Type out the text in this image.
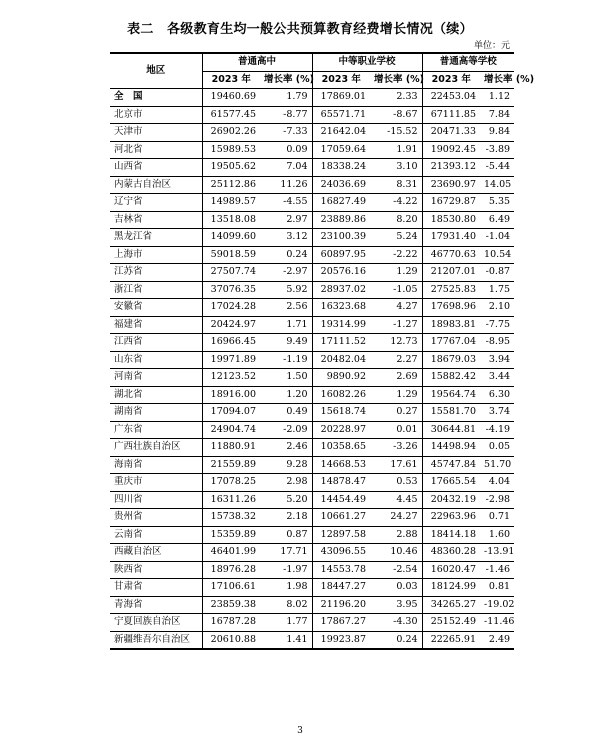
表二　各级教育生均一般公共预算教育经费增长情况（续）
单位：元
地区	普通高中		中等职业学校		普通高等学校	
	2023 年	增长率 (%)	2023 年	增长率 (%)	2023 年	增长率 (%)
全　国	19460.69	1.79	17869.01	2.33	22453.04	1.12
北京市	61577.45	-8.77	65571.71	-8.67	67111.85	7.84
天津市	26902.26	-7.33	21642.04	-15.52	20471.33	9.84
河北省	15989.53	0.09	17059.64	1.91	19092.45	-3.89
山西省	19505.62	7.04	18338.24	3.10	21393.12	-5.44
内蒙古自治区	25112.86	11.26	24036.69	8.31	23690.97	14.05
辽宁省	14989.57	-4.55	16827.49	-4.22	16729.87	5.35
吉林省	13518.08	2.97	23889.86	8.20	18530.80	6.49
黑龙江省	14099.60	3.12	23100.39	5.24	17931.40	-1.04
上海市	59018.59	0.24	60897.95	-2.22	46770.63	10.54
江苏省	27507.74	-2.97	20576.16	1.29	21207.01	-0.87
浙江省	37076.35	5.92	28937.02	-1.05	27525.83	1.75
安徽省	17024.28	2.56	16323.68	4.27	17698.96	2.10
福建省	20424.97	1.71	19314.99	-1.27	18983.81	-7.75
江西省	16966.45	9.49	17111.52	12.73	17767.04	-8.95
山东省	19971.89	-1.19	20482.04	2.27	18679.03	3.94
河南省	12123.52	1.50	9890.92	2.69	15882.42	3.44
湖北省	18916.00	1.20	16082.26	1.29	19564.74	6.30
湖南省	17094.07	0.49	15618.74	0.27	15581.70	3.74
广东省	24904.74	-2.09	20228.97	0.01	30644.81	-4.19
广西壮族自治区	11880.91	2.46	10358.65	-3.26	14498.94	0.05
海南省	21559.89	9.28	14668.53	17.61	45747.84	51.70
重庆市	17078.25	2.98	14878.47	0.53	17665.54	4.04
四川省	16311.26	5.20	14454.49	4.45	20432.19	-2.98
贵州省	15738.32	2.18	10661.27	24.27	22963.96	0.71
云南省	15359.89	0.87	12897.58	2.88	18414.18	1.60
西藏自治区	46401.99	17.71	43096.55	10.46	48360.28	-13.91
陕西省	18976.28	-1.97	14553.78	-2.54	16020.47	-1.46
甘肃省	17106.61	1.98	18447.27	0.03	18124.99	0.81
青海省	23859.38	8.02	21196.20	3.95	34265.27	-19.02
宁夏回族自治区	16787.28	1.77	17867.27	-4.30	25152.49	-11.46
新疆维吾尔自治区	20610.88	1.41	19923.87	0.24	22265.91	2.49
3
